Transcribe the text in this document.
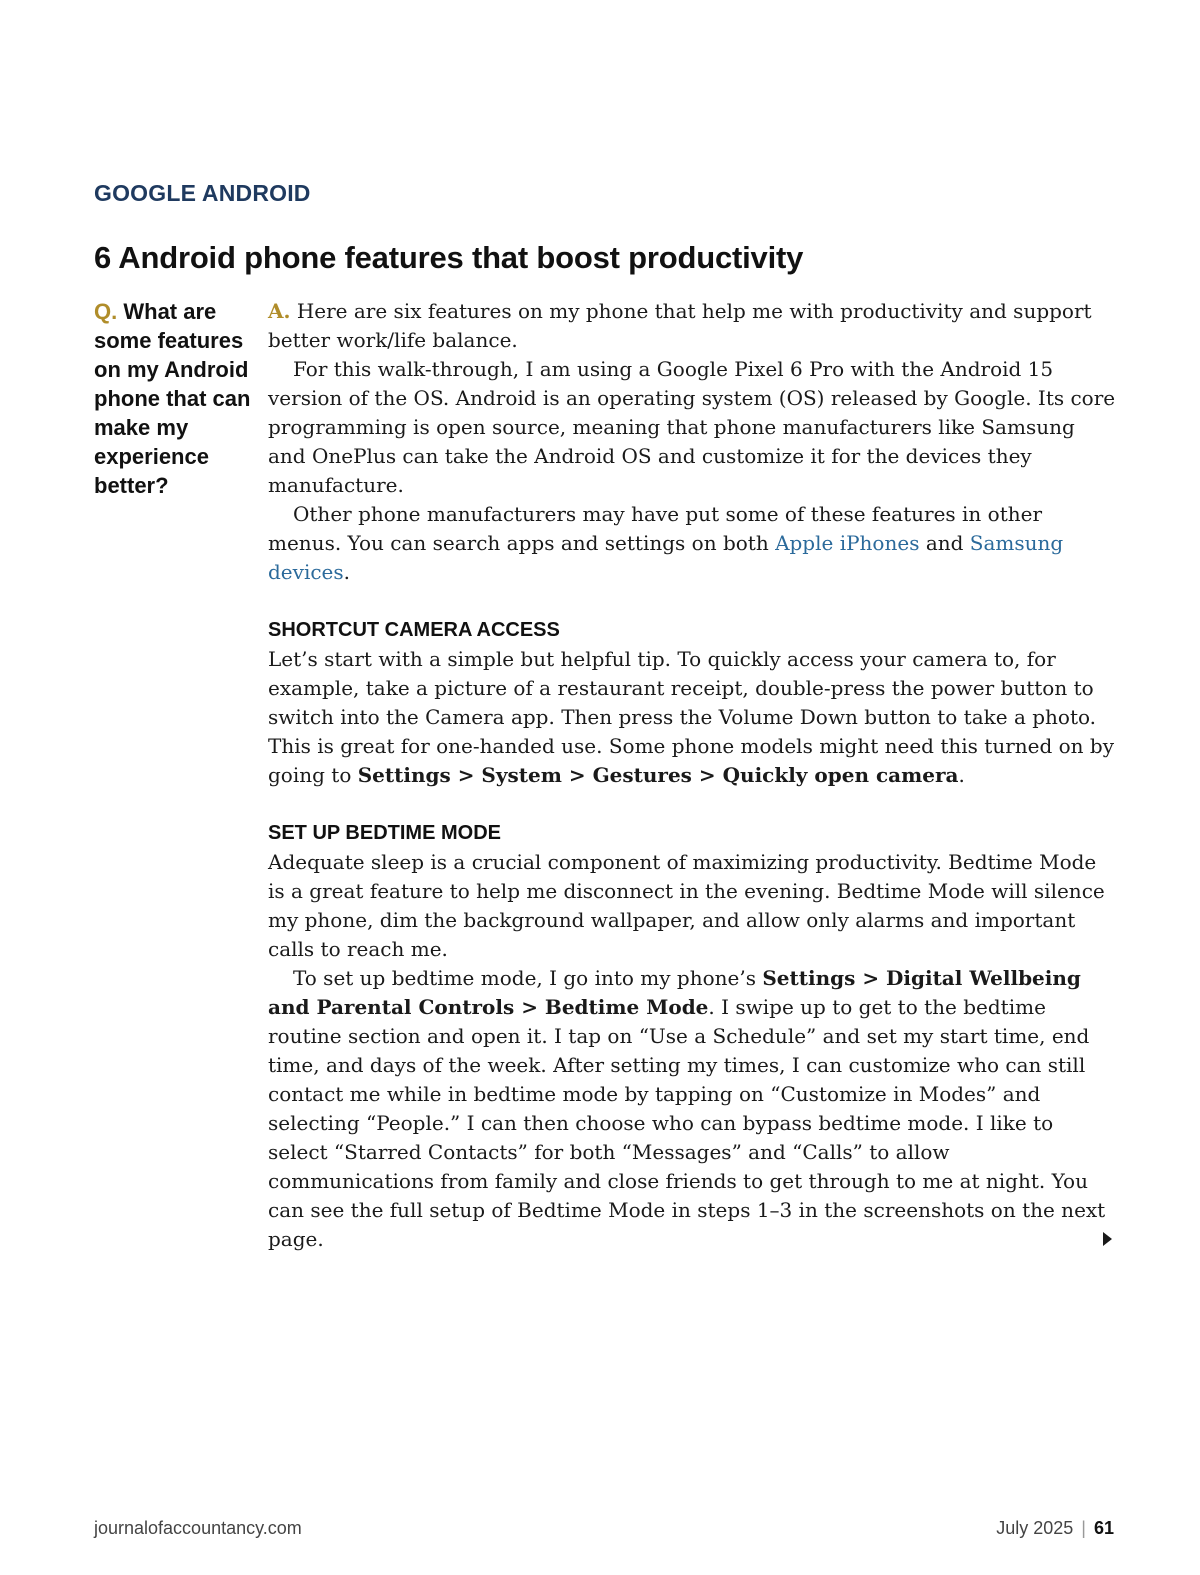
GOOGLE ANDROID
6 Android phone features that boost productivity
Q. What are some features on my Android phone that can make my experience better?

A. Here are six features on my phone that help me with productivity and support better work/life balance.

For this walk-through, I am using a Google Pixel 6 Pro with the Android 15 version of the OS. Android is an operating system (OS) released by Google. Its core programming is open source, meaning that phone manufacturers like Samsung and OnePlus can take the Android OS and customize it for the devices they manufacture.

Other phone manufacturers may have put some of these features in other menus. You can search apps and settings on both Apple iPhones and Samsung devices.

SHORTCUT CAMERA ACCESS

Let’s start with a simple but helpful tip. To quickly access your camera to, for example, take a picture of a restaurant receipt, double-press the power button to switch into the Camera app. Then press the Volume Down button to take a photo. This is great for one-handed use. Some phone models might need this turned on by going to Settings > System > Gestures > Quickly open camera.

SET UP BEDTIME MODE

Adequate sleep is a crucial component of maximizing productivity. Bedtime Mode is a great feature to help me disconnect in the evening. Bedtime Mode will silence my phone, dim the background wallpaper, and allow only alarms and important calls to reach me.

To set up bedtime mode, I go into my phone’s Settings > Digital Wellbeing and Parental Controls > Bedtime Mode. I swipe up to get to the bedtime routine section and open it. I tap on “Use a Schedule” and set my start time, end time, and days of the week. After setting my times, I can customize who can still contact me while in bedtime mode by tapping on “Customize in Modes” and selecting “People.” I can then choose who can bypass bedtime mode. I like to select “Starred Contacts” for both “Messages” and “Calls” to allow communications from family and close friends to get through to me at night. You can see the full setup of Bedtime Mode in steps 1–3 in the screenshots on the next page.

journalofaccountancy.com	July 2025 | 61
